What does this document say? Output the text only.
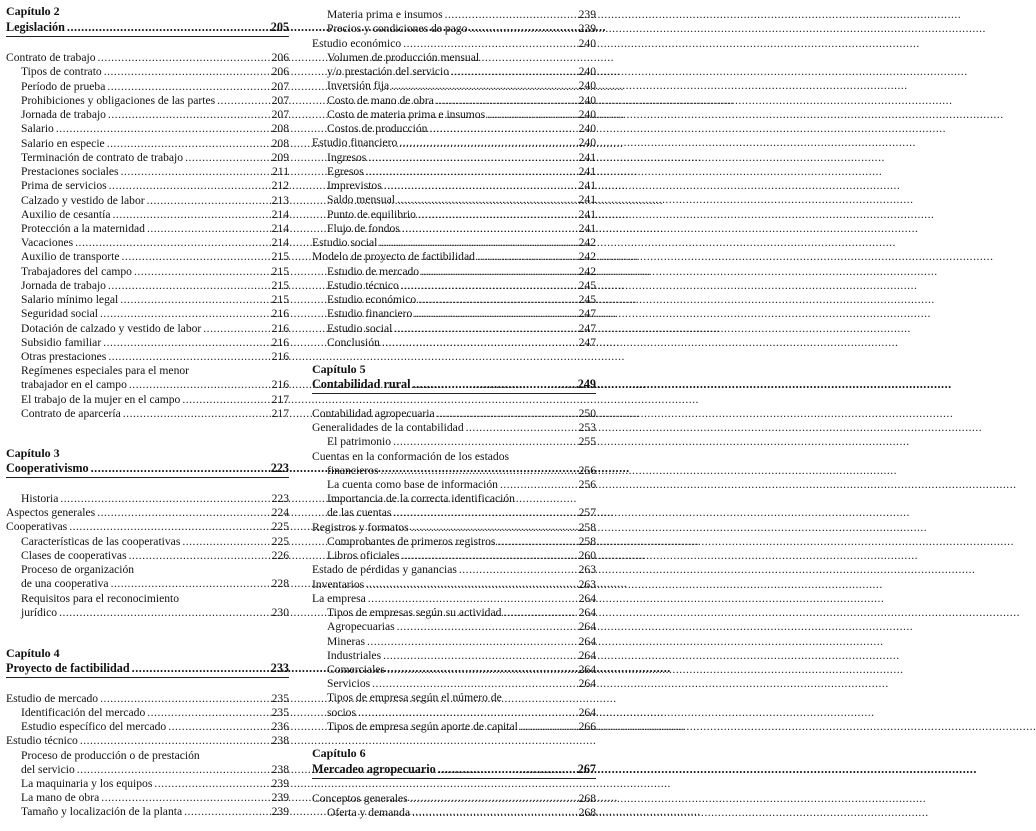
Capítulo 2
Legislación .....	205
Contrato de trabajo .....	206
Tipos de contrato .....	206
Período de prueba .....	207
Prohibiciones y obligaciones de las partes .....	207
Jornada de trabajo .....	207
Salario .....	208
Salario en especie .....	208
Terminación de contrato de trabajo .....	209
Prestaciones sociales .....	211
Prima de servicios .....	212
Calzado y vestido de labor .....	213
Auxilio de cesantía .....	214
Protección a la maternidad .....	214
Vacaciones .....	214
Auxilio de transporte .....	215
Trabajadores del campo .....	215
Jornada de trabajo .....	215
Salario mínimo legal .....	215
Seguridad social .....	216
Dotación de calzado y vestido de labor .....	216
Subsidio familiar .....	216
Otras prestaciones .....	216
Regímenes especiales para el menor
trabajador en el campo .....	216
El trabajo de la mujer en el campo .....	217
Contrato de aparcería .....	217
Capítulo 3
Cooperativismo .....	223
Historia .....	223
Aspectos generales .....	224
Cooperativas .....	225
Características de las cooperativas .....	225
Clases de cooperativas .....	226
Proceso de organización
de una cooperativa .....	228
Requisitos para el reconocimiento
jurídico .....	230
Capítulo 4
Proyecto de factibilidad .....	233
Estudio de mercado .....	235
Identificación del mercado .....	235
Estudio específico del mercado .....	236
Estudio técnico .....	238
Proceso de producción o de prestación
del servicio .....	238
La maquinaria y los equipos .....	239
La mano de obra .....	239
Tamaño y localización de la planta .....	239
Materia prima e insumos .....	239
Precios y condiciones de pago .....	239
Estudio económico .....	240
Volumen de producción mensual
y/o prestación del servicio .....	240
Inversión fija .....	240
Costo de mano de obra .....	240
Costo de materia prima e insumos .....	240
Costos de producción .....	240
Estudio financiero .....	240
Ingresos .....	241
Egresos .....	241
Imprevistos .....	241
Saldo mensual .....	241
Punto de equilibrio .....	241
Flujo de fondos .....	241
Estudio social .....	242
Modelo de proyecto de factibilidad .....	242
Estudio de mercado .....	242
Estudio técnico .....	245
Estudio económico .....	245
Estudio financiero .....	247
Estudio social .....	247
Conclusión .....	247
Capítulo 5
Contabilidad rural .....	249
Contabilidad agropecuaria .....	250
Generalidades de la contabilidad .....	253
El patrimonio .....	255
Cuentas en la conformación de los estados
financieros .....	256
La cuenta como base de información .....	256
Importancia de la correcta identificación
de las cuentas .....	257
Registros y formatos .....	258
Comprobantes de primeros registros .....	258
Libros oficiales .....	260
Estado de pérdidas y ganancias .....	263
Inventarios .....	263
La empresa .....	264
Tipos de empresas según su actividad .....	264
Agropecuarias .....	264
Mineras .....	264
Industriales .....	264
Comerciales .....	264
Servicios .....	264
Tipos de empresa según el número de
socios .....	264
Tipos de empresa según aporte de capital .....	266
Capítulo 6
Mercadeo agropecuario .....	267
Conceptos generales .....	268
Oferta y demanda .....	268
